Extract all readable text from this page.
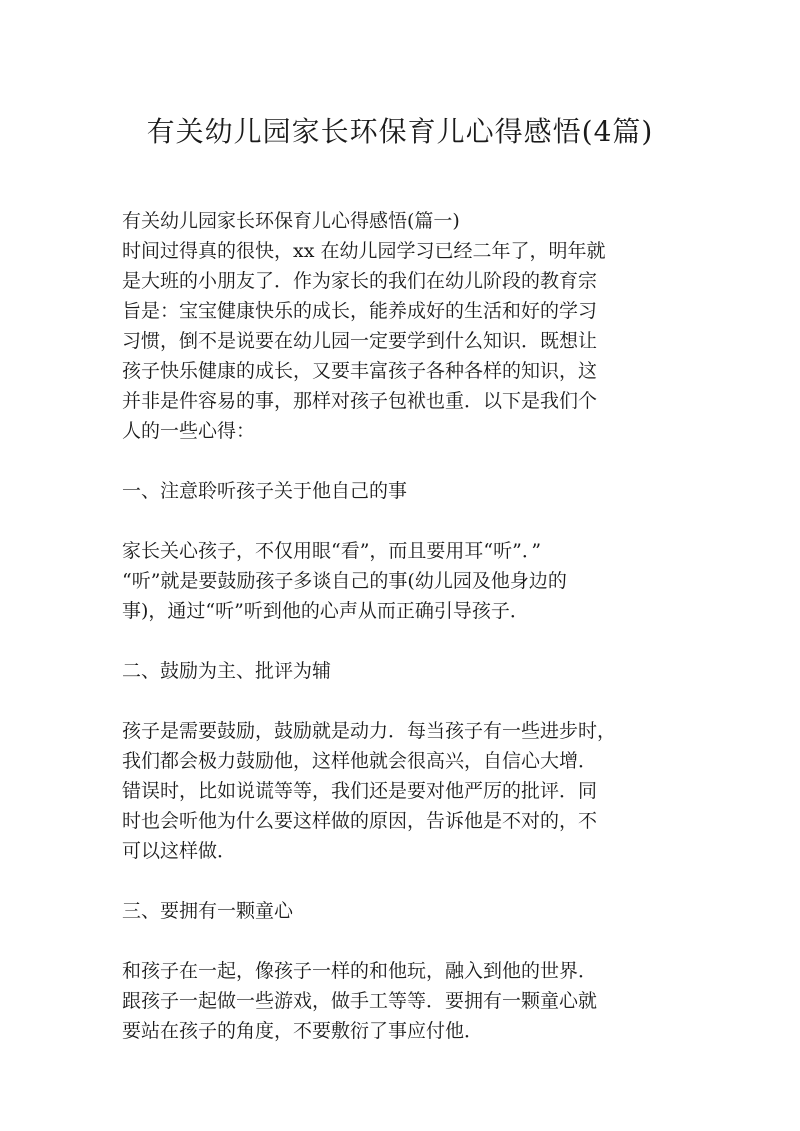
有关幼儿园家长环保育儿心得感悟(4篇)
有关幼儿园家长环保育儿心得感悟(篇一)
时间过得真的很快，xx 在幼儿园学习已经二年了，明年就
是大班的小朋友了．作为家长的我们在幼儿阶段的教育宗
旨是：宝宝健康快乐的成长，能养成好的生活和好的学习
习惯，倒不是说要在幼儿园一定要学到什么知识．既想让
孩子快乐健康的成长，又要丰富孩子各种各样的知识，这
并非是件容易的事，那样对孩子包袱也重．以下是我们个
人的一些心得：
一、注意聆听孩子关于他自己的事
家长关心孩子，不仅用眼“看”，而且要用耳“听”．”
“听”就是要鼓励孩子多谈自己的事(幼儿园及他身边的
事)，通过“听”听到他的心声从而正确引导孩子．
二、鼓励为主、批评为辅
孩子是需要鼓励，鼓励就是动力．每当孩子有一些进步时，
我们都会极力鼓励他，这样他就会很高兴，自信心大增．
错误时，比如说谎等等，我们还是要对他严厉的批评．同
时也会听他为什么要这样做的原因，告诉他是不对的，不
可以这样做．
三、要拥有一颗童心
和孩子在一起，像孩子一样的和他玩，融入到他的世界．
跟孩子一起做一些游戏，做手工等等．要拥有一颗童心就
要站在孩子的角度，不要敷衍了事应付他．
